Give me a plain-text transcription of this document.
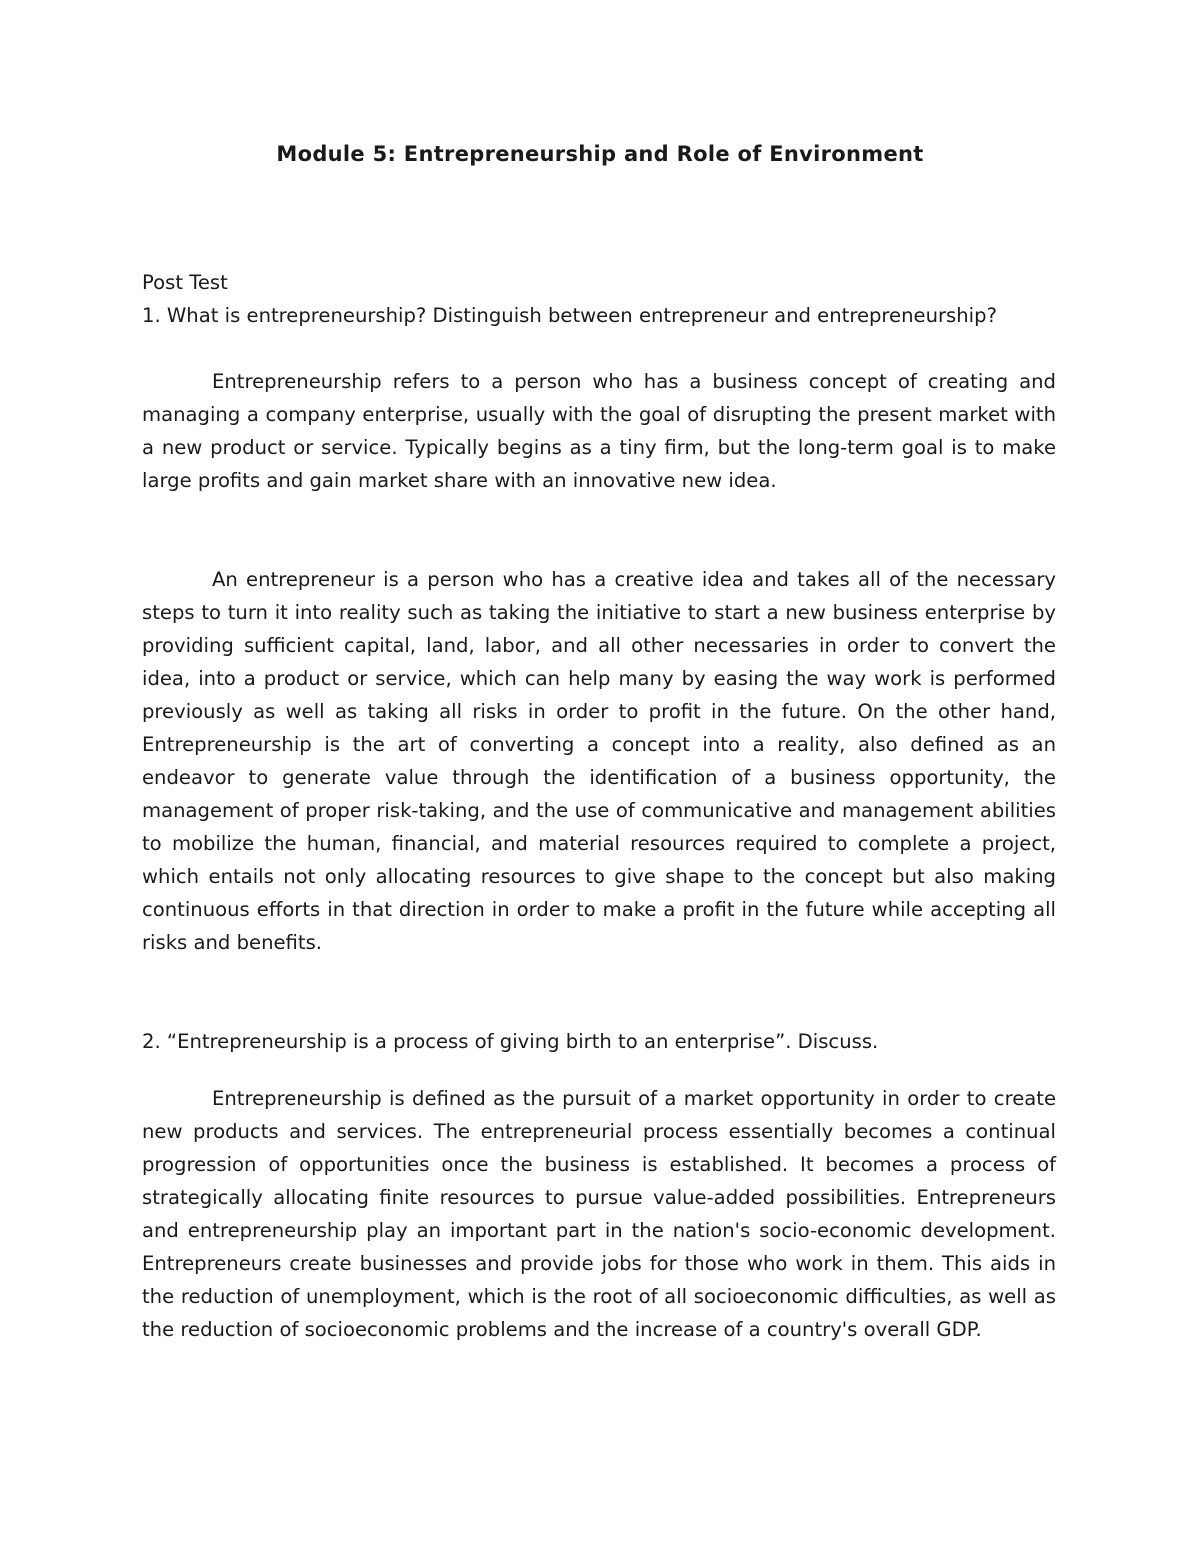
Module 5: Entrepreneurship and Role of Environment
Post Test

1. What is entrepreneurship? Distinguish between entrepreneur and entrepreneurship?

Entrepreneurship refers to a person who has a business concept of creating and managing a company enterprise, usually with the goal of disrupting the present market with a new product or service. Typically begins as a tiny firm, but the long-term goal is to make large profits and gain market share with an innovative new idea.

An entrepreneur is a person who has a creative idea and takes all of the necessary steps to turn it into reality such as taking the initiative to start a new business enterprise by providing sufficient capital, land, labor, and all other necessaries in order to convert the idea, into a product or service, which can help many by easing the way work is performed previously as well as taking all risks in order to profit in the future. On the other hand, Entrepreneurship is the art of converting a concept into a reality, also defined as an endeavor to generate value through the identification of a business opportunity, the management of proper risk-taking, and the use of communicative and management abilities to mobilize the human, financial, and material resources required to complete a project, which entails not only allocating resources to give shape to the concept but also making continuous efforts in that direction in order to make a profit in the future while accepting all risks and benefits.

2. “Entrepreneurship is a process of giving birth to an enterprise”. Discuss.

Entrepreneurship is defined as the pursuit of a market opportunity in order to create new products and services. The entrepreneurial process essentially becomes a continual progression of opportunities once the business is established. It becomes a process of strategically allocating finite resources to pursue value-added possibilities. Entrepreneurs and entrepreneurship play an important part in the nation's socio-economic development. Entrepreneurs create businesses and provide jobs for those who work in them. This aids in the reduction of unemployment, which is the root of all socioeconomic difficulties, as well as the reduction of socioeconomic problems and the increase of a country's overall GDP.
